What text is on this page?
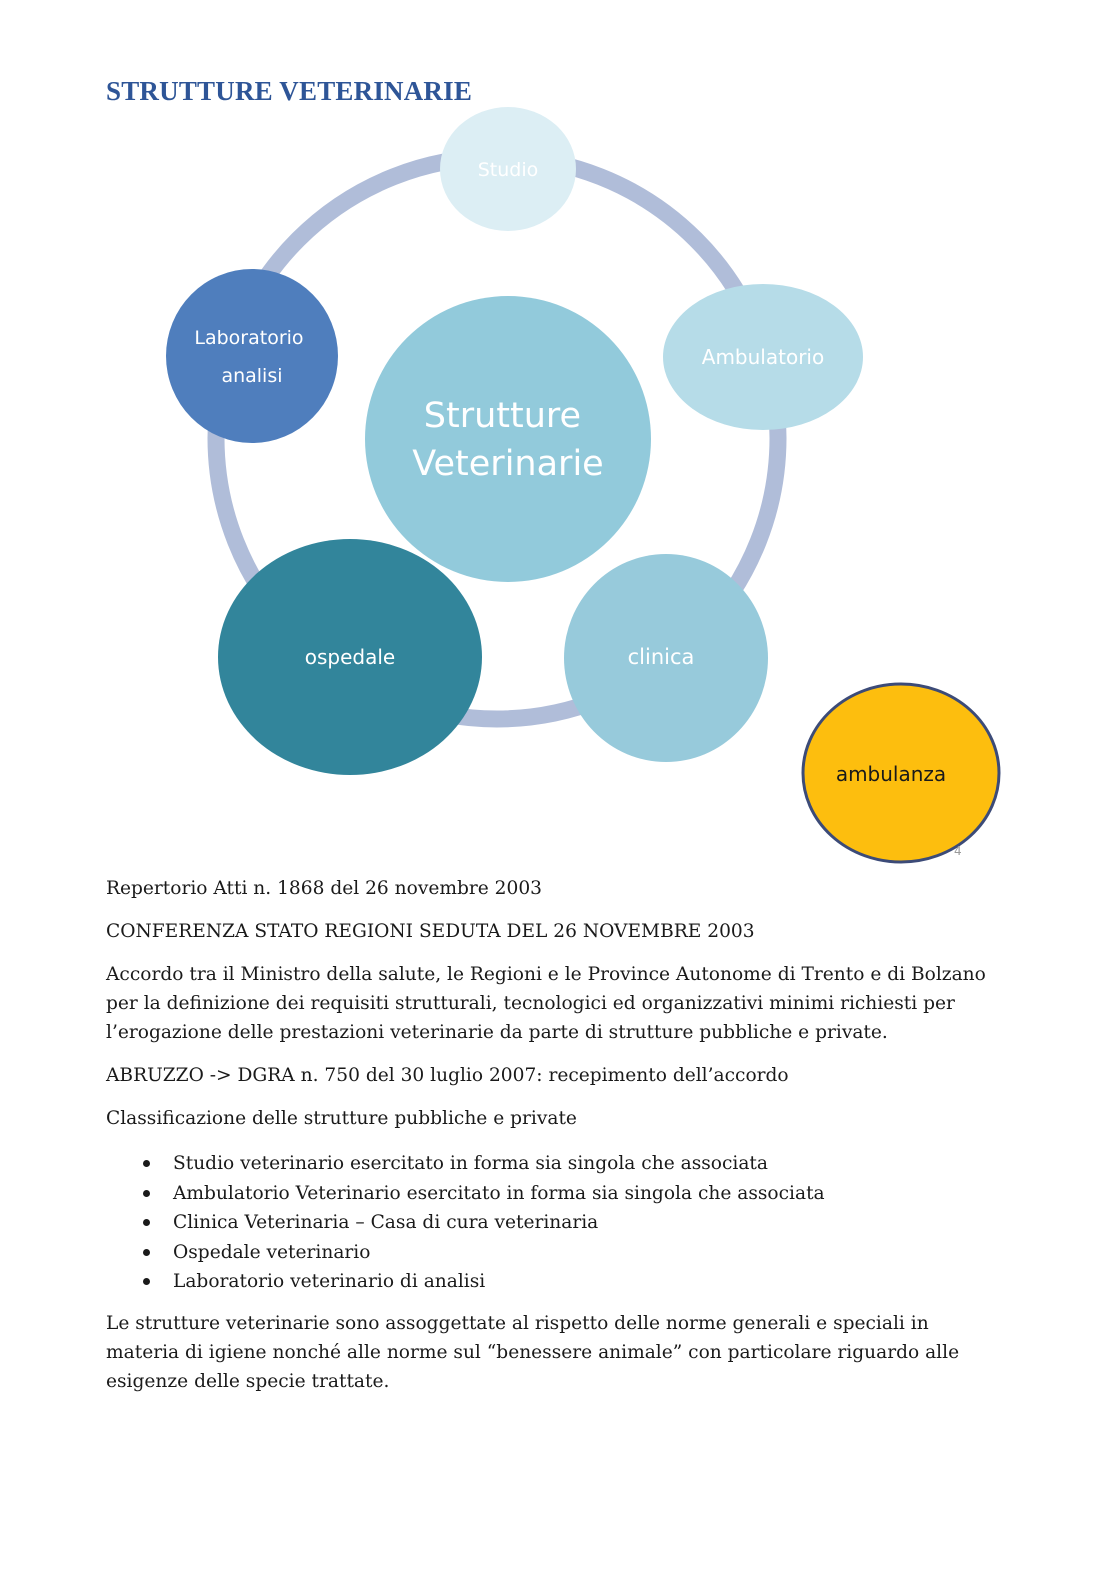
STRUTTURE VETERINARIE
Strutture Veterinarie
Studio
Ambulatorio
clinica
ospedale
Laboratorio analisi
ambulanza
4

Repertorio Atti n. 1868 del 26 novembre 2003

CONFERENZA STATO REGIONI SEDUTA DEL 26 NOVEMBRE 2003

Accordo tra il Ministro della salute, le Regioni e le Province Autonome di Trento e di Bolzano
per la definizione dei requisiti strutturali, tecnologici ed organizzativi minimi richiesti per
l’erogazione delle prestazioni veterinarie da parte di strutture pubbliche e private.

ABRUZZO -> DGRA n. 750 del 30 luglio 2007: recepimento dell’accordo

Classificazione delle strutture pubbliche e private

Studio veterinario esercitato in forma sia singola che associata
Ambulatorio Veterinario esercitato in forma sia singola che associata
Clinica Veterinaria – Casa di cura veterinaria
Ospedale veterinario
Laboratorio veterinario di analisi
Le strutture veterinarie sono assoggettate al rispetto delle norme generali e speciali in
materia di igiene nonché alle norme sul “benessere animale” con particolare riguardo alle
esigenze delle specie trattate.
